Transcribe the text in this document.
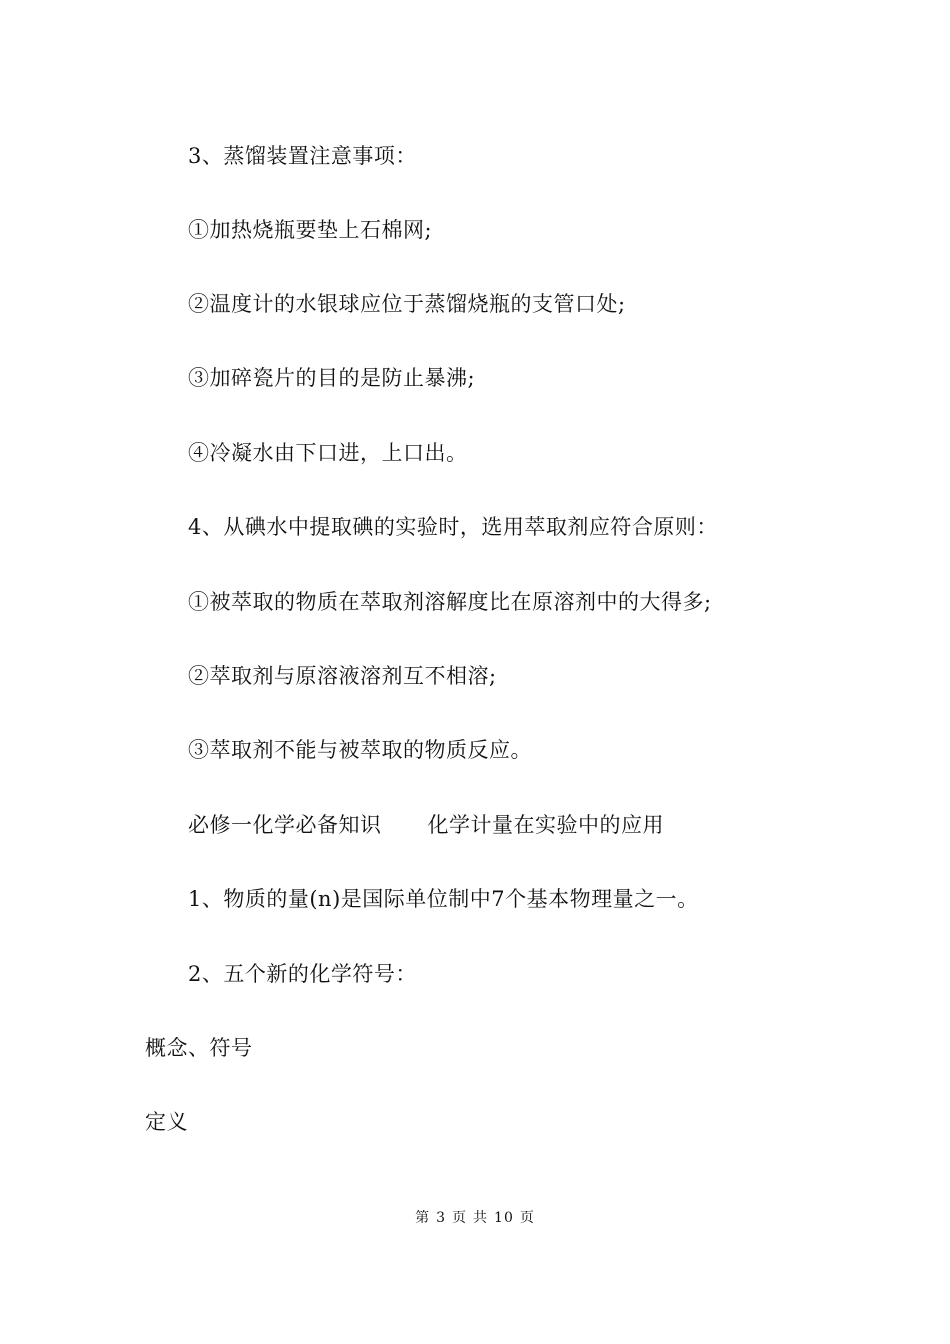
3、蒸馏装置注意事项：
①加热烧瓶要垫上石棉网;
②温度计的水银球应位于蒸馏烧瓶的支管口处;
③加碎瓷片的目的是防止暴沸;
④冷凝水由下口进，上口出。
4、从碘水中提取碘的实验时，选用萃取剂应符合原则：
①被萃取的物质在萃取剂溶解度比在原溶剂中的大得多;
②萃取剂与原溶液溶剂互不相溶;
③萃取剂不能与被萃取的物质反应。
必修一化学必备知识 化学计量在实验中的应用
1、物质的量(n)是国际单位制中7个基本物理量之一。
2、五个新的化学符号：
概念、符号
定义
第 3 页 共 10 页
